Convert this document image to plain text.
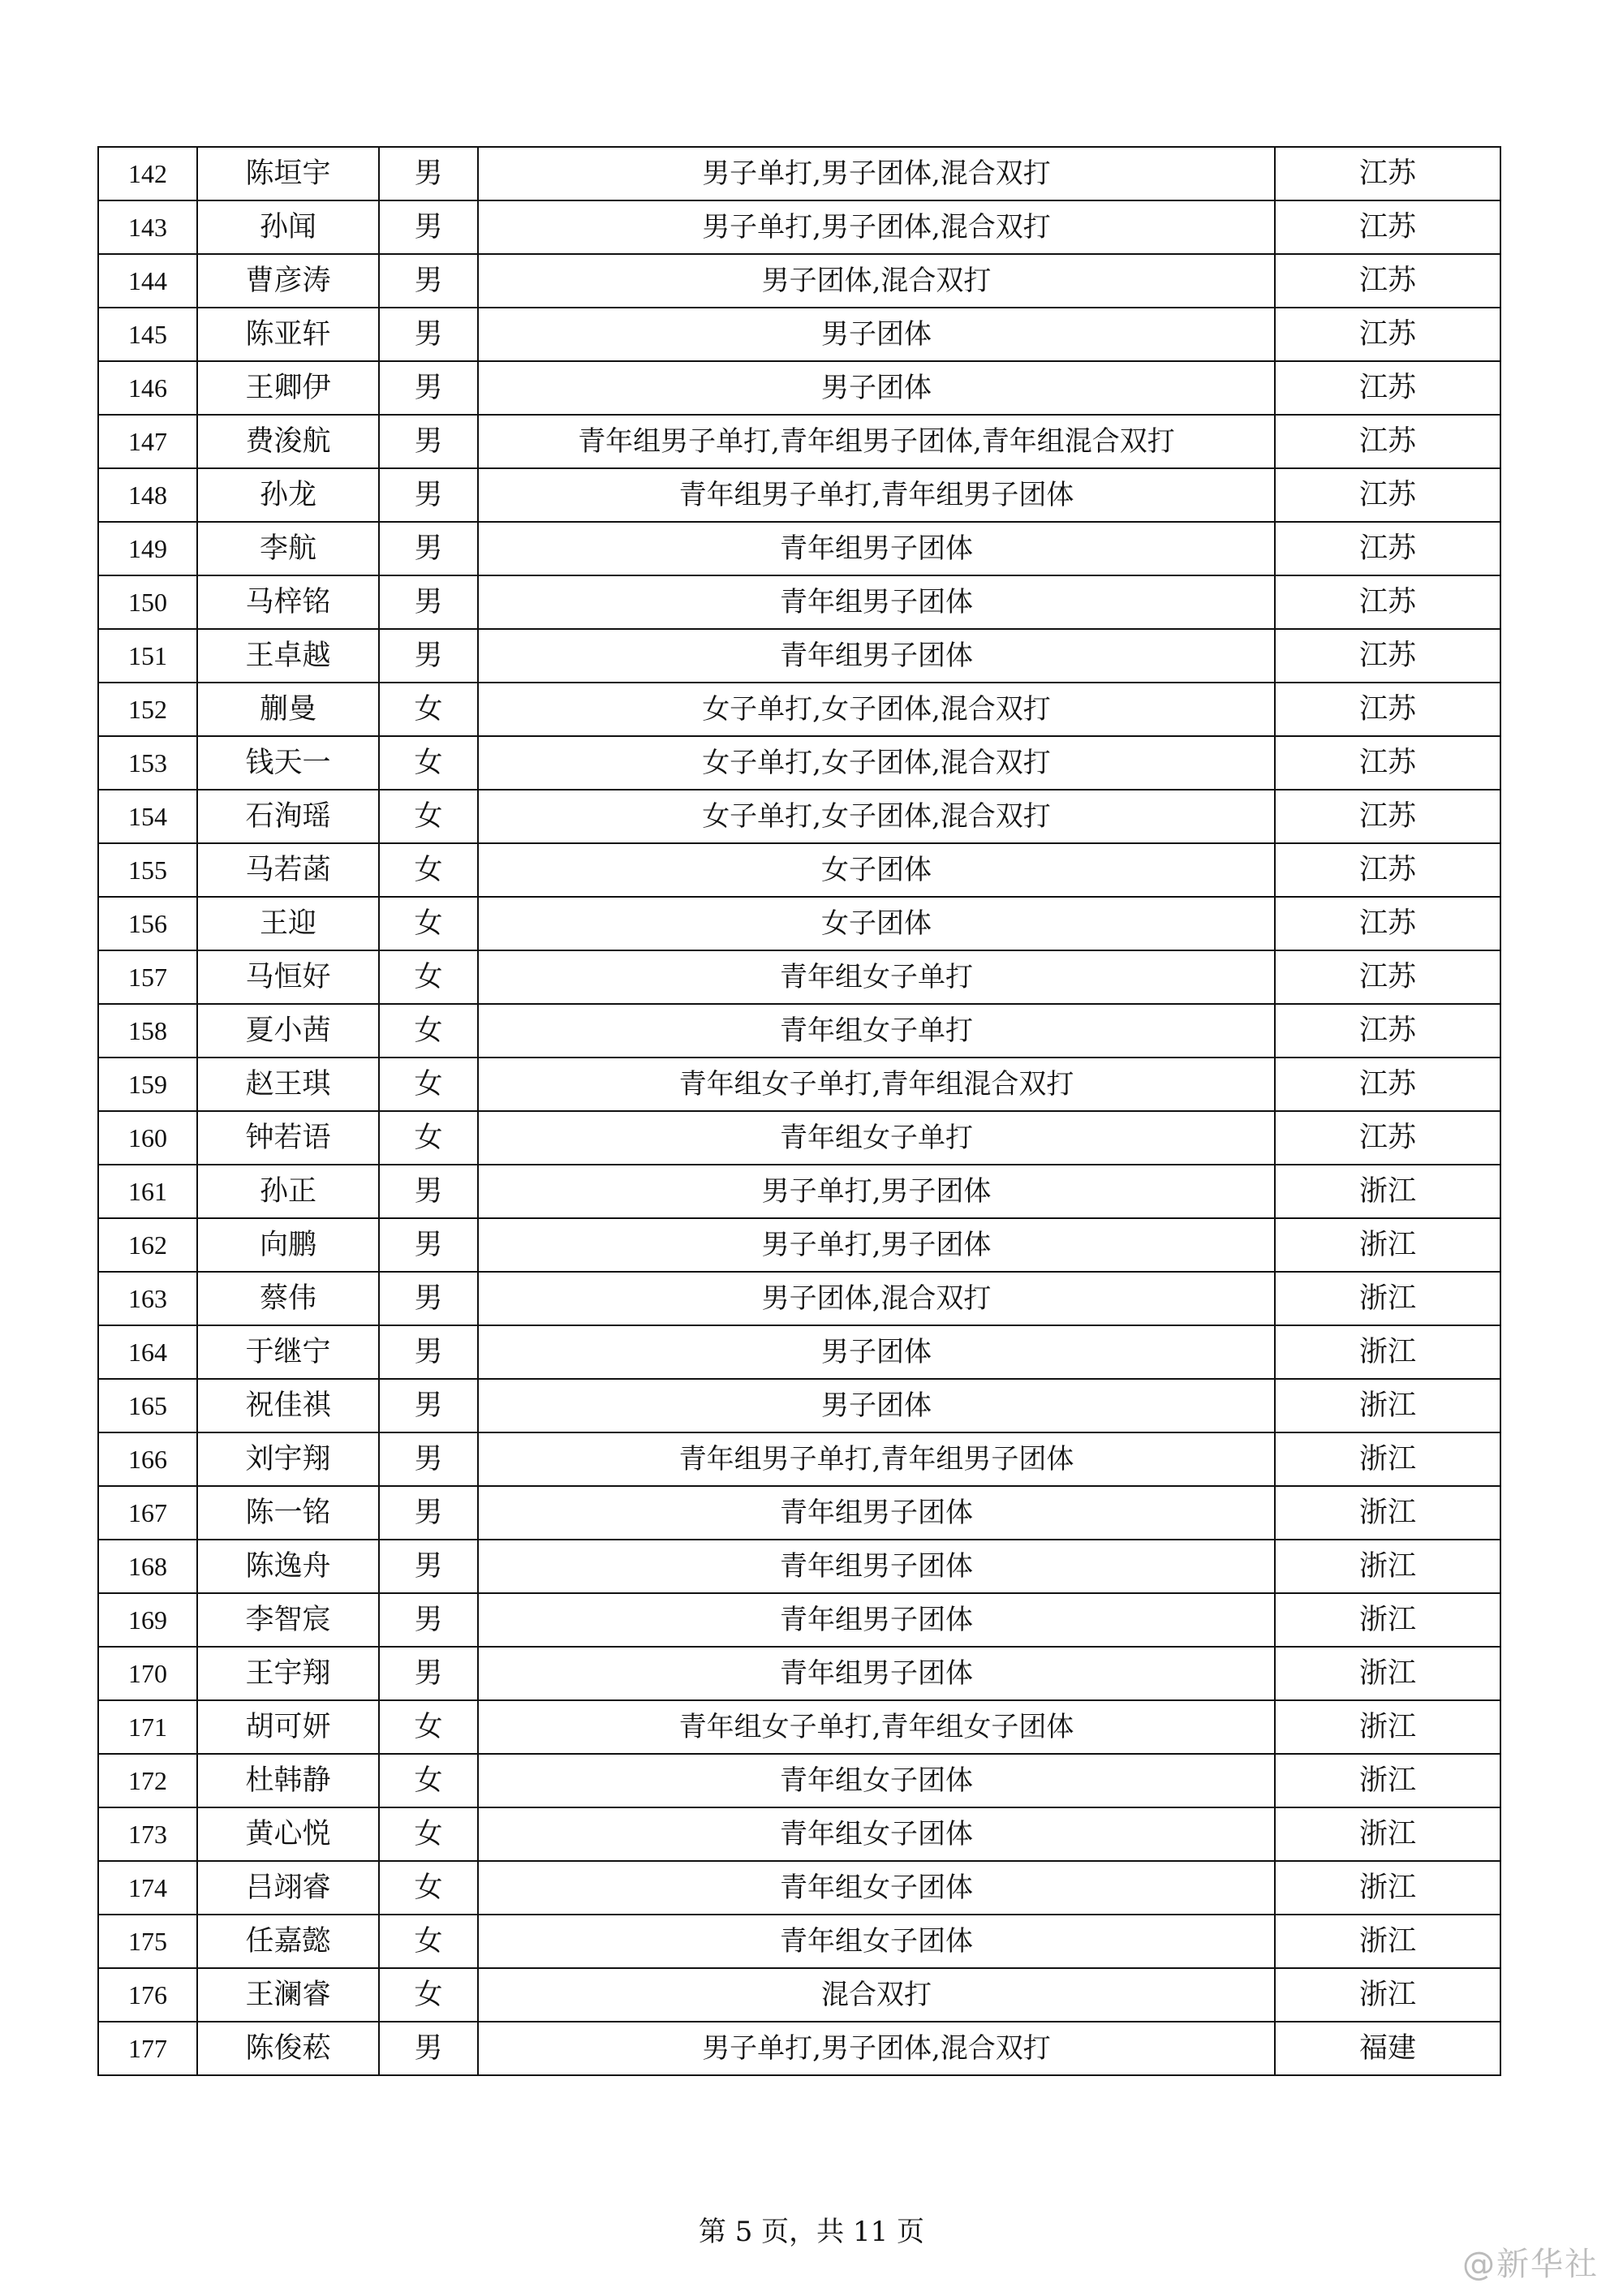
142	陈垣宇	男	男子单打,男子团体,混合双打	江苏
143	孙闻	男	男子单打,男子团体,混合双打	江苏
144	曹彦涛	男	男子团体,混合双打	江苏
145	陈亚轩	男	男子团体	江苏
146	王卿伊	男	男子团体	江苏
147	费浚航	男	青年组男子单打,青年组男子团体,青年组混合双打	江苏
148	孙龙	男	青年组男子单打,青年组男子团体	江苏
149	李航	男	青年组男子团体	江苏
150	马梓铭	男	青年组男子团体	江苏
151	王卓越	男	青年组男子团体	江苏
152	蒯曼	女	女子单打,女子团体,混合双打	江苏
153	钱天一	女	女子单打,女子团体,混合双打	江苏
154	石洵瑶	女	女子单打,女子团体,混合双打	江苏
155	马若菡	女	女子团体	江苏
156	王迎	女	女子团体	江苏
157	马恒好	女	青年组女子单打	江苏
158	夏小茜	女	青年组女子单打	江苏
159	赵王琪	女	青年组女子单打,青年组混合双打	江苏
160	钟若语	女	青年组女子单打	江苏
161	孙正	男	男子单打,男子团体	浙江
162	向鹏	男	男子单打,男子团体	浙江
163	蔡伟	男	男子团体,混合双打	浙江
164	于继宁	男	男子团体	浙江
165	祝佳祺	男	男子团体	浙江
166	刘宇翔	男	青年组男子单打,青年组男子团体	浙江
167	陈一铭	男	青年组男子团体	浙江
168	陈逸舟	男	青年组男子团体	浙江
169	李智宸	男	青年组男子团体	浙江
170	王宇翔	男	青年组男子团体	浙江
171	胡可妍	女	青年组女子单打,青年组女子团体	浙江
172	杜韩静	女	青年组女子团体	浙江
173	黄心悦	女	青年组女子团体	浙江
174	吕翊睿	女	青年组女子团体	浙江
175	任嘉懿	女	青年组女子团体	浙江
176	王澜睿	女	混合双打	浙江
177	陈俊菘	男	男子单打,男子团体,混合双打	福建
第 5 页，共 11 页
@新华社
